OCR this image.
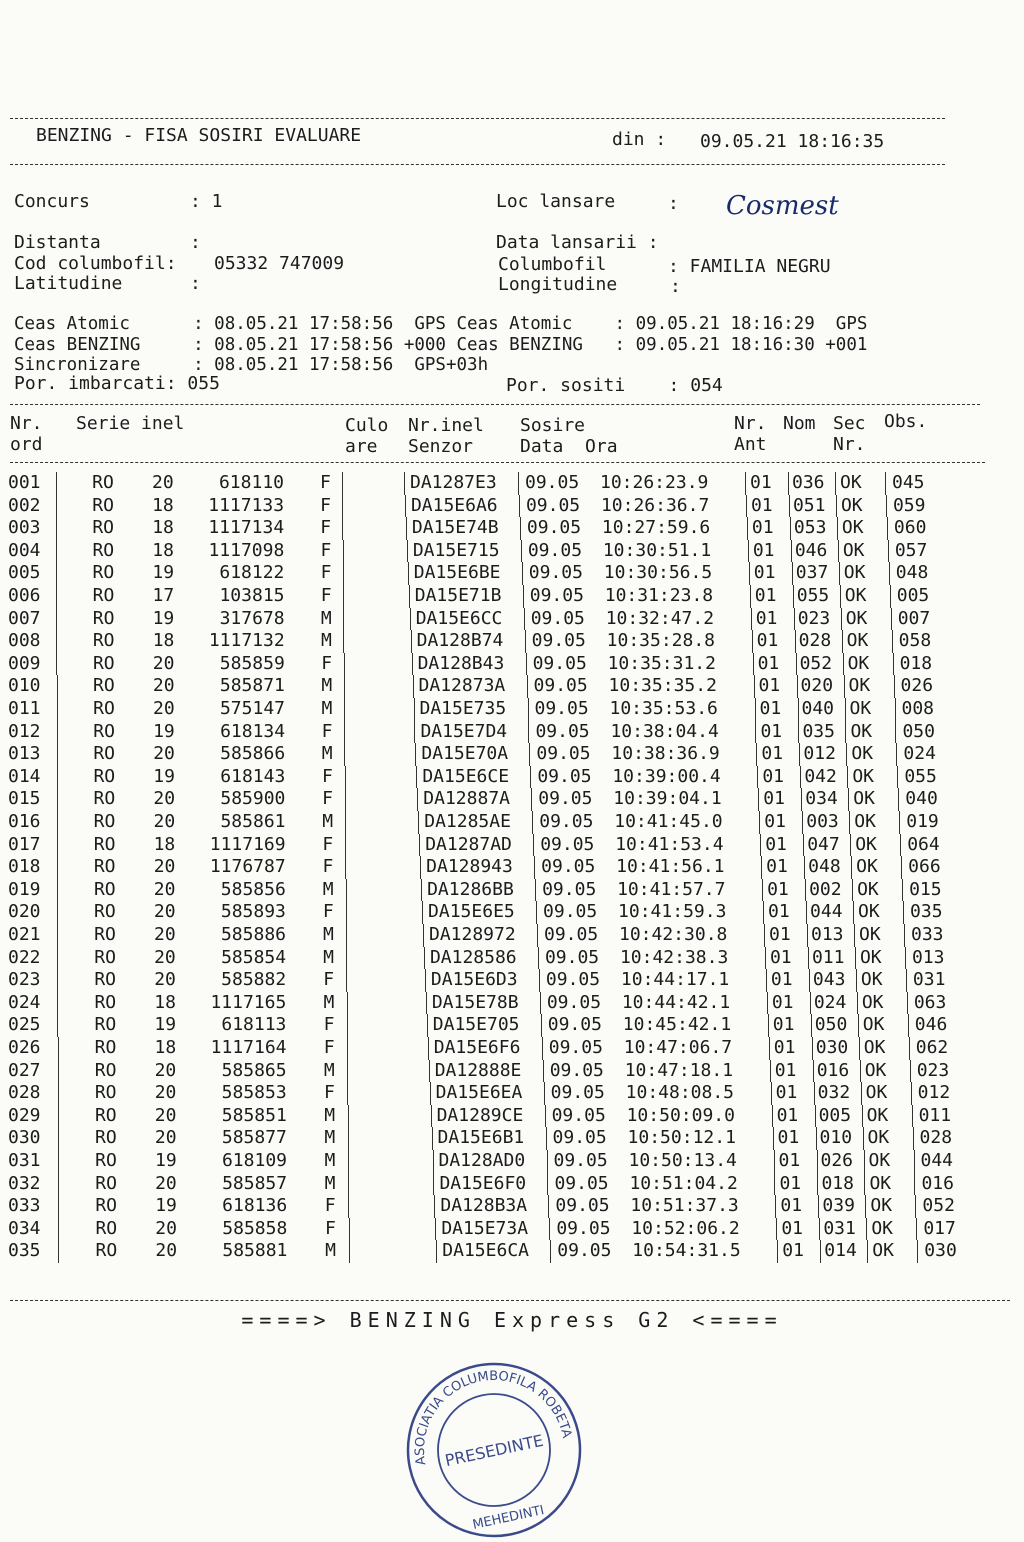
BENZING - FISA SOSIRI EVALUARE	din : 09.05.21 18:16:35
Concurs	: 1	Loc lansare	: Cosmest
Distanta	:	Data lansarii :
Cod columbofil: 05332 747009	Columbofil	: FAMILIA NEGRU
Latitudine	:	Longitudine	:
Ceas Atomic      : 08.05.21 17:58:56  GPS Ceas Atomic    : 09.05.21 18:16:29  GPS
Ceas BENZING     : 08.05.21 17:58:56 +000 Ceas BENZING   : 09.05.21 18:16:30 +001
Sincronizare     : 08.05.21 17:58:56  GPS+03h
Por. imbarcati: 055	Por. sositi    : 054
Nr.
ord
Serie inel	Culo
are
Nr.inel
Senzor
Sosire
Data  Ora
Nr.
Ant
Nom Sec
Nr.
Obs.
001	RO 20	618110 F	DA1287E3 09.05 10:26:23.9 01 036 OK 045
002	RO 18	1117133 F	DA15E6A6 09.05 10:26:36.7 01 051 OK 059
003	RO 18	1117134 F	DA15E74B 09.05 10:27:59.6 01 053 OK 060
004	RO 18	1117098 F	DA15E715 09.05 10:30:51.1 01 046 OK 057
005	RO 19	618122 F	DA15E6BE 09.05 10:30:56.5 01 037 OK 048
006	RO 17	103815 F	DA15E71B 09.05 10:31:23.8 01 055 OK 005
007	RO 19	317678 M	DA15E6CC 09.05 10:32:47.2 01 023 OK 007
008	RO 18	1117132 M	DA128B74 09.05 10:35:28.8 01 028 OK 058
009	RO 20	585859 F	DA128B43 09.05 10:35:31.2 01 052 OK 018
010	RO 20	585871 M	DA12873A 09.05 10:35:35.2 01 020 OK 026
011	RO 20	575147 M	DA15E735 09.05 10:35:53.6 01 040 OK 008
012	RO 19	618134 F	DA15E7D4 09.05 10:38:04.4 01 035 OK 050
013	RO 20	585866 M	DA15E70A 09.05 10:38:36.9 01 012 OK 024
014	RO 19	618143 F	DA15E6CE 09.05 10:39:00.4 01 042 OK 055
015	RO 20	585900 F	DA12887A 09.05 10:39:04.1 01 034 OK 040
016	RO 20	585861 M	DA1285AE 09.05 10:41:45.0 01 003 OK 019
017	RO 18	1117169 F	DA1287AD 09.05 10:41:53.4 01 047 OK 064
018	RO 20	1176787 F	DA128943 09.05 10:41:56.1 01 048 OK 066
019	RO 20	585856 M	DA1286BB 09.05 10:41:57.7 01 002 OK 015
020	RO 20	585893 F	DA15E6E5 09.05 10:41:59.3 01 044 OK 035
021	RO 20	585886 M	DA128972 09.05 10:42:30.8 01 013 OK 033
022	RO 20	585854 M	DA128586 09.05 10:42:38.3 01 011 OK 013
023	RO 20	585882 F	DA15E6D3 09.05 10:44:17.1 01 043 OK 031
024	RO 18	1117165 M	DA15E78B 09.05 10:44:42.1 01 024 OK 063
025	RO 19	618113 F	DA15E705 09.05 10:45:42.1 01 050 OK 046
026	RO 18	1117164 F	DA15E6F6 09.05 10:47:06.7 01 030 OK 062
027	RO 20	585865 M	DA12888E 09.05 10:47:18.1 01 016 OK 023
028	RO 20	585853 F	DA15E6EA 09.05 10:48:08.5 01 032 OK 012
029	RO 20	585851 M	DA1289CE 09.05 10:50:09.0 01 005 OK 011
030	RO 20	585877 M	DA15E6B1 09.05 10:50:12.1 01 010 OK 028
031	RO 19	618109 M	DA128AD0 09.05 10:50:13.4 01 026 OK 044
032	RO 20	585857 M	DA15E6F0 09.05 10:51:04.2 01 018 OK 016
033	RO 19	618136 F	DA128B3A 09.05 10:51:37.3 01 039 OK 052
034	RO 20	585858 F	DA15E73A 09.05 10:52:06.2 01 031 OK 017
035	RO 20	585881 M	DA15E6CA 09.05 10:54:31.5 01 014 OK 030
====> BENZING Express G2 <====
ASOCIATIA COLUMBOFILA ROBETA
PRESEDINTE
MEHEDINTI
